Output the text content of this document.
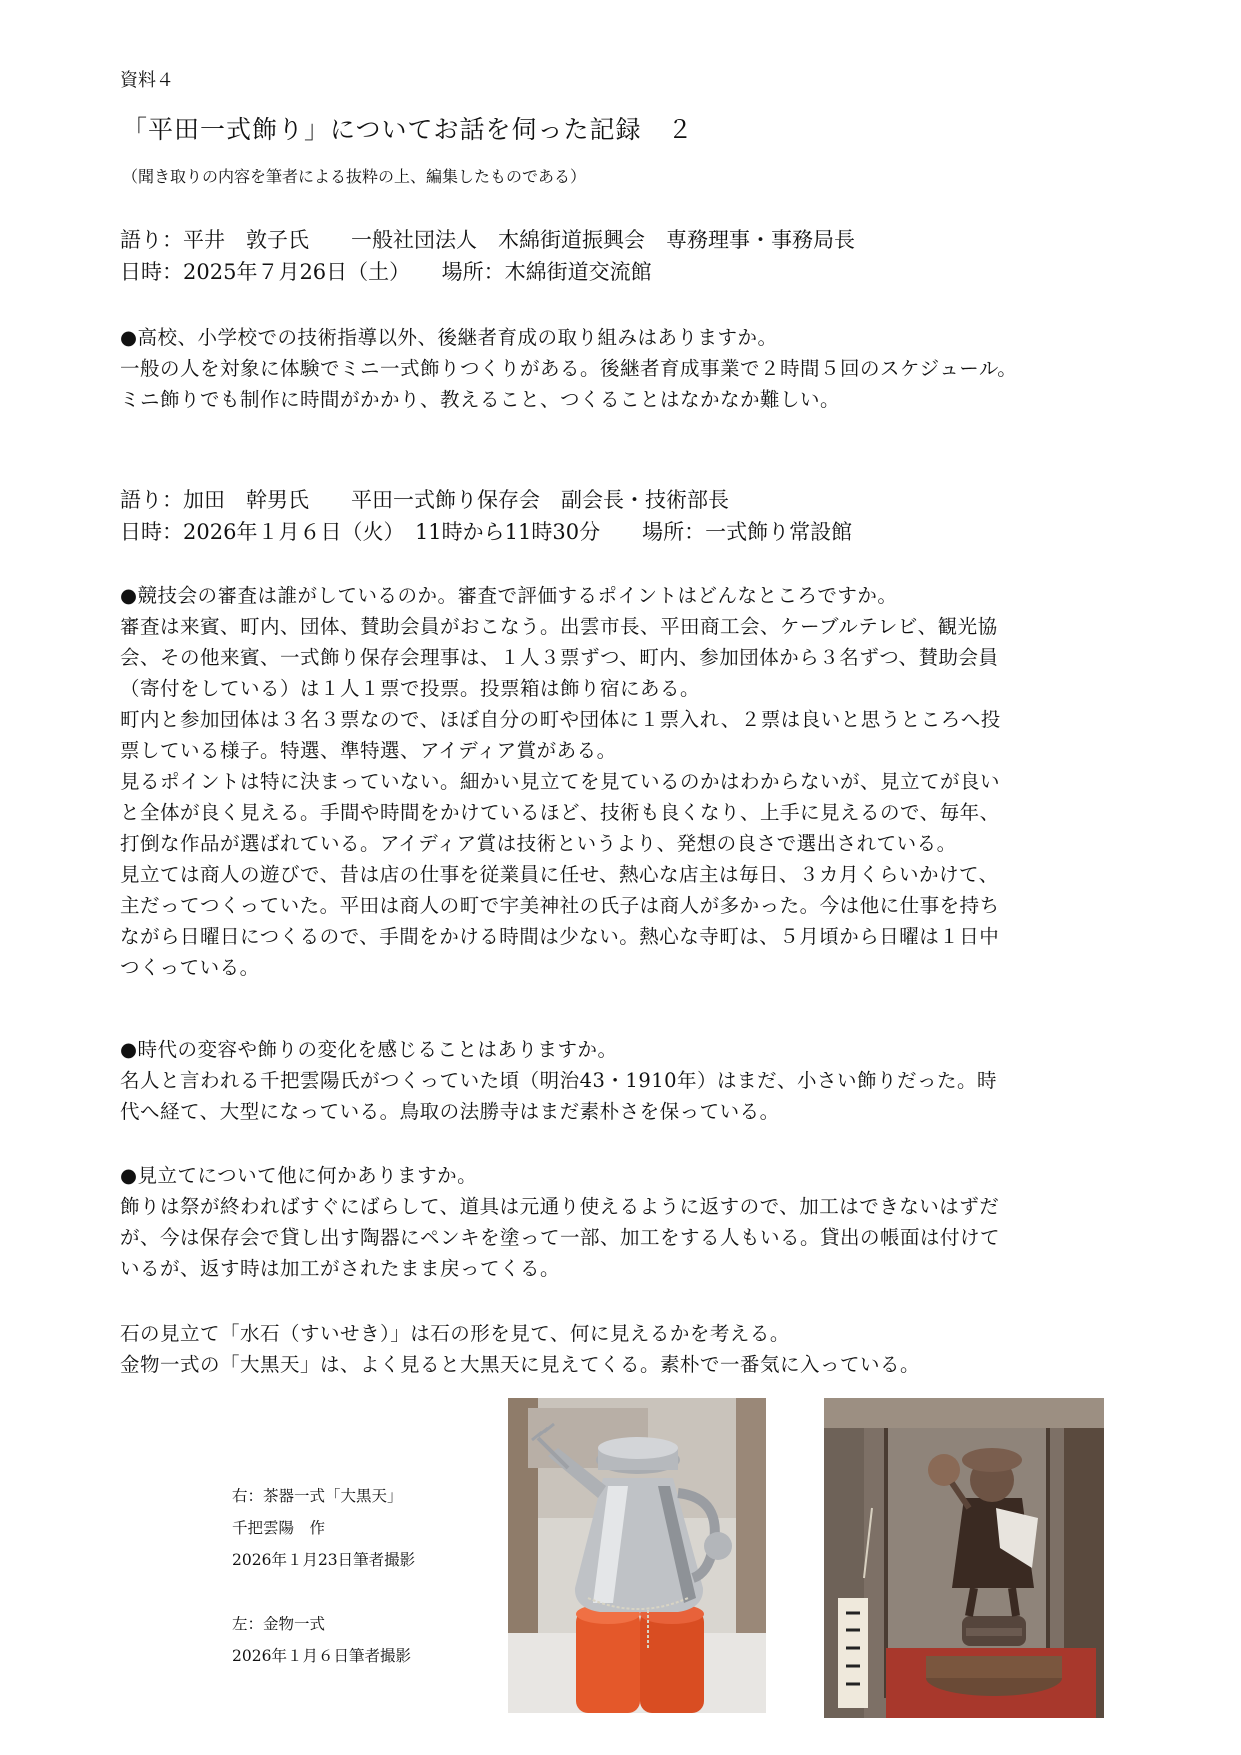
資料４
「平田一式飾り」についてお話を伺った記録　２
（聞き取りの内容を筆者による抜粋の上、編集したものである）
語り：平井　敦子氏　　一般社団法人　木綿街道振興会　専務理事・事務局長
日時：2025年７月26日（土）　　場所：木綿街道交流館

●高校、小学校での技術指導以外、後継者育成の取り組みはありますか。

一般の人を対象に体験でミニ一式飾りつくりがある。後継者育成事業で２時間５回のスケジュール。

ミニ飾りでも制作に時間がかかり、教えること、つくることはなかなか難しい。

語り：加田　幹男氏　　平田一式飾り保存会　副会長・技術部長
日時：2026年１月６日（火）　11時から11時30分　　場所：一式飾り常設館

●競技会の審査は誰がしているのか。審査で評価するポイントはどんなところですか。

審査は来賓、町内、団体、賛助会員がおこなう。出雲市長、平田商工会、ケーブルテレビ、観光協

会、その他来賓、一式飾り保存会理事は、１人３票ずつ、町内、参加団体から３名ずつ、賛助会員

（寄付をしている）は１人１票で投票。投票箱は飾り宿にある。

町内と参加団体は３名３票なので、ほぼ自分の町や団体に１票入れ、２票は良いと思うところへ投

票している様子。特選、準特選、アイディア賞がある。

見るポイントは特に決まっていない。細かい見立てを見ているのかはわからないが、見立てが良い

と全体が良く見える。手間や時間をかけているほど、技術も良くなり、上手に見えるので、毎年、

打倒な作品が選ばれている。アイディア賞は技術というより、発想の良さで選出されている。

見立ては商人の遊びで、昔は店の仕事を従業員に任せ、熱心な店主は毎日、３カ月くらいかけて、

主だってつくっていた。平田は商人の町で宇美神社の氏子は商人が多かった。今は他に仕事を持ち

ながら日曜日につくるので、手間をかける時間は少ない。熱心な寺町は、５月頃から日曜は１日中

つくっている。

●時代の変容や飾りの変化を感じることはありますか。

名人と言われる千把雲陽氏がつくっていた頃（明治43・1910年）はまだ、小さい飾りだった。時

代へ経て、大型になっている。鳥取の法勝寺はまだ素朴さを保っている。

●見立てについて他に何かありますか。

飾りは祭が終わればすぐにばらして、道具は元通り使えるように返すので、加工はできないはずだ

が、今は保存会で貸し出す陶器にペンキを塗って一部、加工をする人もいる。貸出の帳面は付けて

いるが、返す時は加工がされたまま戻ってくる。

石の見立て「水石（すいせき）」は石の形を見て、何に見えるかを考える。

金物一式の「大黒天」は、よく見ると大黒天に見えてくる。素朴で一番気に入っている。

右：茶器一式「大黒天」
千把雲陽　作
2026年１月23日筆者撮影
左：金物一式
2026年１月６日筆者撮影
